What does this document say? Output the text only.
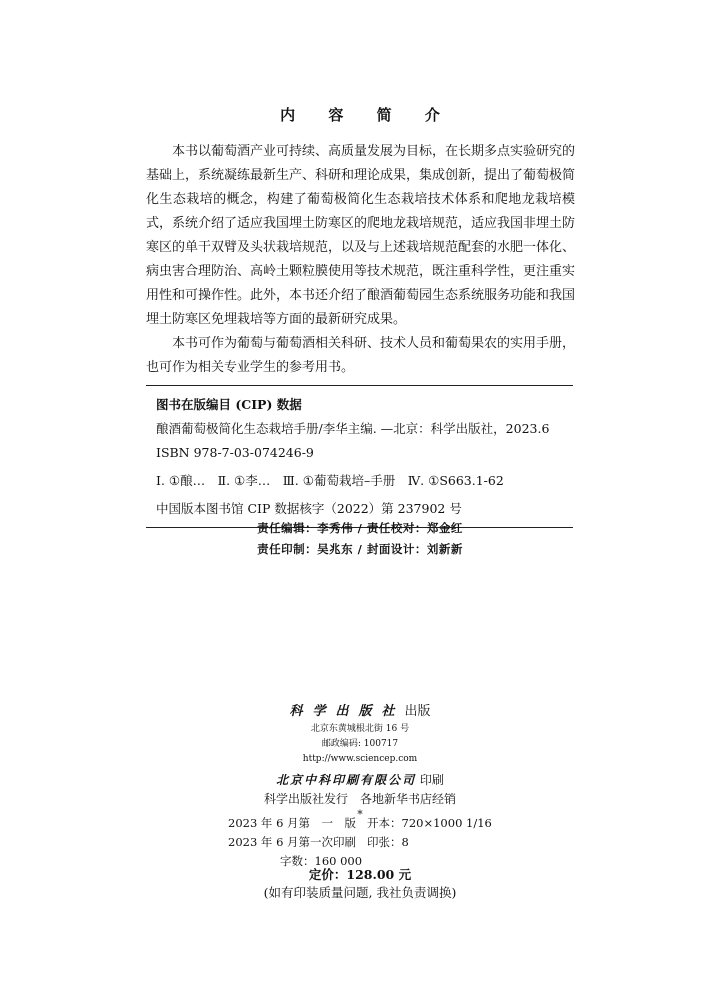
内 容 简 介

本书以葡萄酒产业可持续、高质量发展为目标，在长期多点实验研究的基础上，系统凝练最新生产、科研和理论成果，集成创新，提出了葡萄极简化生态栽培的概念，构建了葡萄极简化生态栽培技术体系和爬地龙栽培模式，系统介绍了适应我国埋土防寒区的爬地龙栽培规范，适应我国非埋土防寒区的单干双臂及头状栽培规范，以及与上述栽培规范配套的水肥一体化、病虫害合理防治、高岭土颗粒膜使用等技术规范，既注重科学性，更注重实用性和可操作性。此外，本书还介绍了酿酒葡萄园生态系统服务功能和我国埋土防寒区免埋栽培等方面的最新研究成果。

本书可作为葡萄与葡萄酒相关科研、技术人员和葡萄果农的实用手册，也可作为相关专业学生的参考用书。

图书在版编目 (CIP) 数据
酿酒葡萄极简化生态栽培手册/李华主编. —北京：科学出版社，2023.6
ISBN 978-7-03-074246-9
Ⅰ. ①酿…　Ⅱ. ①李…　Ⅲ. ①葡萄栽培–手册　Ⅳ. ①S663.1-62
中国版本图书馆 CIP 数据核字（2022）第 237902 号
责任编辑：李秀伟 / 责任校对：郑金红
责任印制：吴兆东 / 封面设计：刘新新
科学出版社出版
北京东黄城根北街 16 号
邮政编码: 100717
http://www.sciencep.com
北京中科印刷有限公司 印刷
科学出版社发行　各地新华书店经销
*
2023 年 6 月第　一　版 开本：720×1000 1/16
2023 年 6 月第一次印刷 印张：8
字数：160 000
定价：128.00 元
(如有印装质量问题, 我社负责调换)
